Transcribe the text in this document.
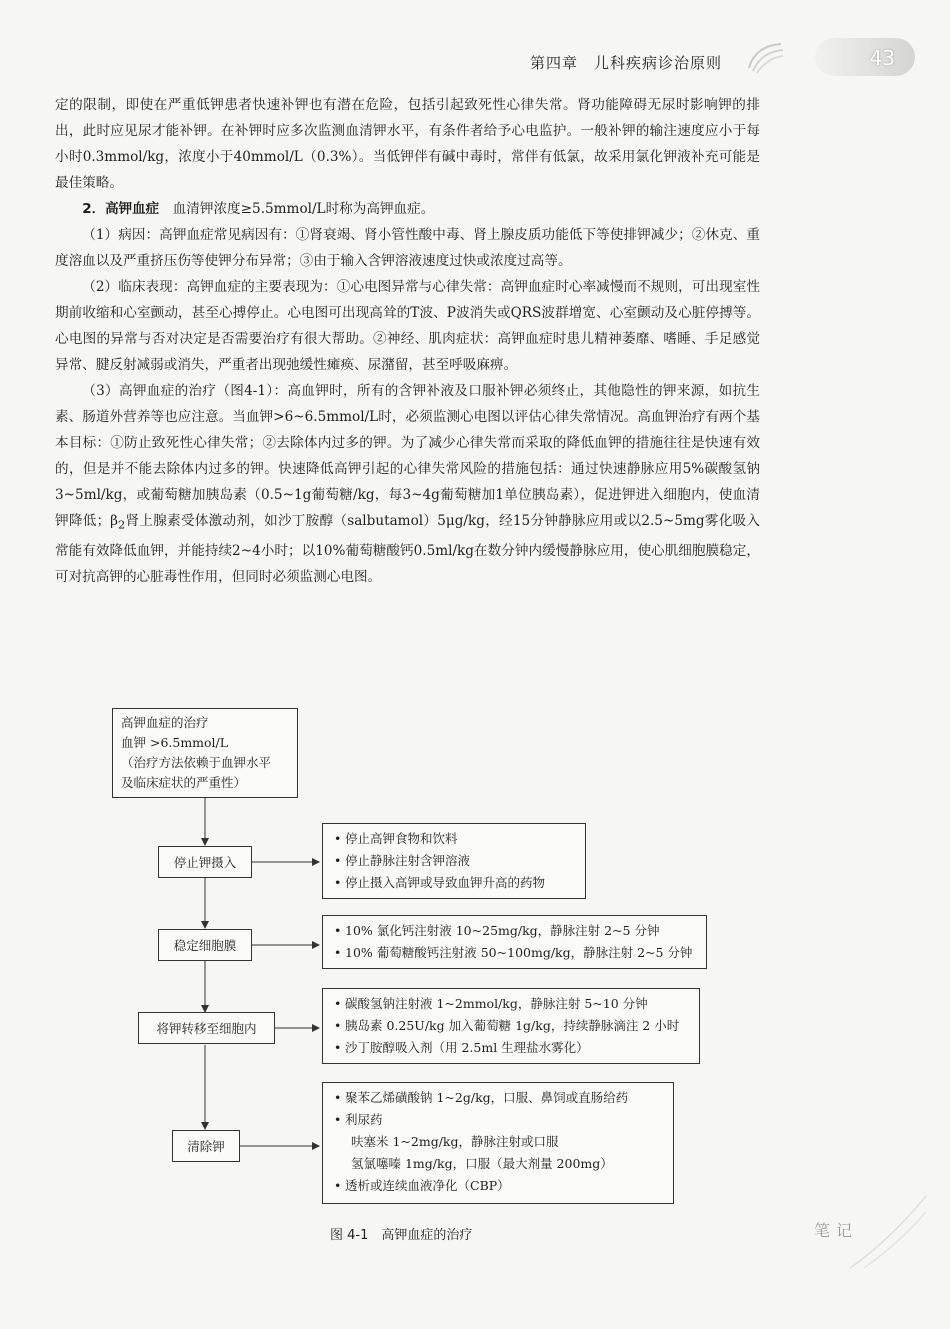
第四章　儿科疾病诊治原则	43

定的限制，即使在严重低钾患者快速补钾也有潜在危险，包括引起致死性心律失常。肾功能障碍无尿时影响钾的排出，此时应见尿才能补钾。在补钾时应多次监测血清钾水平，有条件者给予心电监护。一般补钾的输注速度应小于每小时0.3mmol/kg，浓度小于40mmol/L（0.3%）。当低钾伴有碱中毒时，常伴有低氯，故采用氯化钾液补充可能是最佳策略。

2．高钾血症　血清钾浓度≥5.5mmol/L时称为高钾血症。

（1）病因：高钾血症常见病因有：①肾衰竭、肾小管性酸中毒、肾上腺皮质功能低下等使排钾减少；②休克、重度溶血以及严重挤压伤等使钾分布异常；③由于输入含钾溶液速度过快或浓度过高等。

（2）临床表现：高钾血症的主要表现为：①心电图异常与心律失常：高钾血症时心率减慢而不规则，可出现室性期前收缩和心室颤动，甚至心搏停止。心电图可出现高耸的T波、P波消失或QRS波群增宽、心室颤动及心脏停搏等。心电图的异常与否对决定是否需要治疗有很大帮助。②神经、肌肉症状：高钾血症时患儿精神萎靡、嗜睡、手足感觉异常、腱反射减弱或消失，严重者出现弛缓性瘫痪、尿潴留，甚至呼吸麻痹。

（3）高钾血症的治疗（图4-1）：高血钾时，所有的含钾补液及口服补钾必须终止，其他隐性的钾来源，如抗生素、肠道外营养等也应注意。当血钾>6~6.5mmol/L时，必须监测心电图以评估心律失常情况。高血钾治疗有两个基本目标：①防止致死性心律失常；②去除体内过多的钾。为了减少心律失常而采取的降低血钾的措施往往是快速有效的，但是并不能去除体内过多的钾。快速降低高钾引起的心律失常风险的措施包括：通过快速静脉应用5%碳酸氢钠3~5ml/kg，或葡萄糖加胰岛素（0.5~1g葡萄糖/kg，每3~4g葡萄糖加1单位胰岛素），促进钾进入细胞内，使血清钾降低；$\beta_2$肾上腺素受体激动剂，如沙丁胺醇（salbutamol）5μg/kg，经15分钟静脉应用或以2.5~5mg雾化吸入常能有效降低血钾，并能持续2~4小时；以10%葡萄糖酸钙0.5ml/kg在数分钟内缓慢静脉应用，使心肌细胞膜稳定，可对抗高钾的心脏毒性作用，但同时必须监测心电图。

高钾血症的治疗
血钾 >6.5mmol/L
（治疗方法依赖于血钾水平
及临床症状的严重性）
停止钾摄入
• 停止高钾食物和饮料
• 停止静脉注射含钾溶液
• 停止摄入高钾或导致血钾升高的药物
稳定细胞膜
• 10% 氯化钙注射液 10~25mg/kg，静脉注射 2~5 分钟
• 10% 葡萄糖酸钙注射液 50~100mg/kg，静脉注射 2~5 分钟
将钾转移至细胞内
• 碳酸氢钠注射液 1~2mmol/kg，静脉注射 5~10 分钟
• 胰岛素 0.25U/kg 加入葡萄糖 1g/kg，持续静脉滴注 2 小时
• 沙丁胺醇吸入剂（用 2.5ml 生理盐水雾化）
清除钾
• 聚苯乙烯磺酸钠 1~2g/kg，口服、鼻饲或直肠给药
• 利尿药
呋塞米 1~2mg/kg，静脉注射或口服
氢氯噻嗪 1mg/kg，口服（最大剂量 200mg）
• 透析或连续血液净化（CBP）
图 4-1　高钾血症的治疗	笔记
